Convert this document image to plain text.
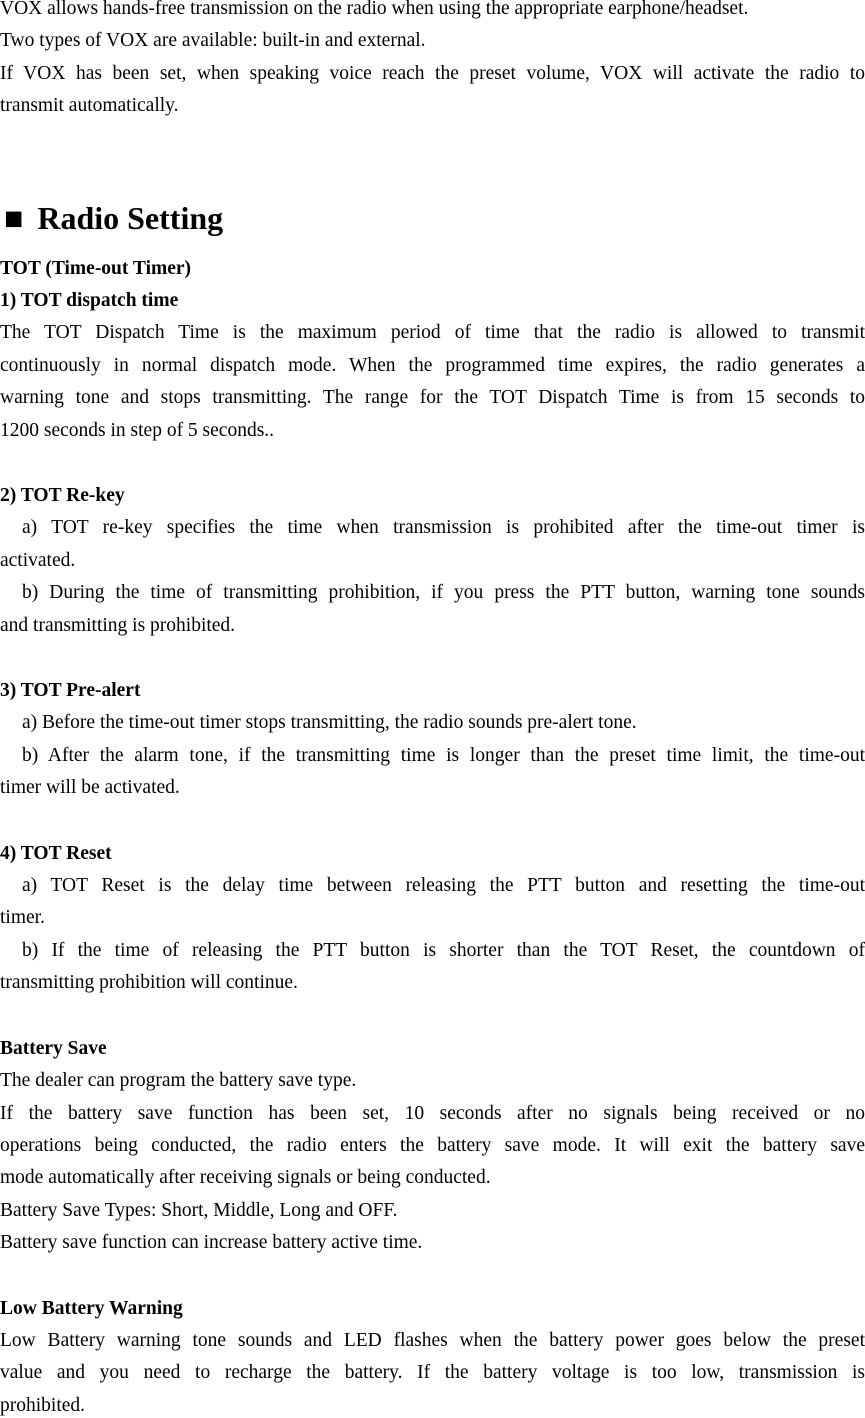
VOX allows hands-free transmission on the radio when using the appropriate earphone/headset.
Two types of VOX are available: built-in and external.
If VOX has been set, when speaking voice reach the preset volume, VOX will activate the radio to
transmit automatically.
■ Radio Setting
TOT (Time-out Timer)
1) TOT dispatch time
The TOT Dispatch Time is the maximum period of time that the radio is allowed to transmit
continuously in normal dispatch mode. When the programmed time expires, the radio generates a
warning tone and stops transmitting. The range for the TOT Dispatch Time is from 15 seconds to
1200 seconds in step of 5 seconds..
2) TOT Re-key
a) TOT re-key specifies the time when transmission is prohibited after the time-out timer is
activated.
b) During the time of transmitting prohibition, if you press the PTT button, warning tone sounds
and transmitting is prohibited.
3) TOT Pre-alert
a) Before the time-out timer stops transmitting, the radio sounds pre-alert tone.
b) After the alarm tone, if the transmitting time is longer than the preset time limit, the time-out
timer will be activated.
4) TOT Reset
a) TOT Reset is the delay time between releasing the PTT button and resetting the time-out
timer.
b) If the time of releasing the PTT button is shorter than the TOT Reset, the countdown of
transmitting prohibition will continue.
Battery Save
The dealer can program the battery save type.
If the battery save function has been set, 10 seconds after no signals being received or no
operations being conducted, the radio enters the battery save mode. It will exit the battery save
mode automatically after receiving signals or being conducted.
Battery Save Types: Short, Middle, Long and OFF.
Battery save function can increase battery active time.
Low Battery Warning
Low Battery warning tone sounds and LED flashes when the battery power goes below the preset
value and you need to recharge the battery. If the battery voltage is too low, transmission is
prohibited.
